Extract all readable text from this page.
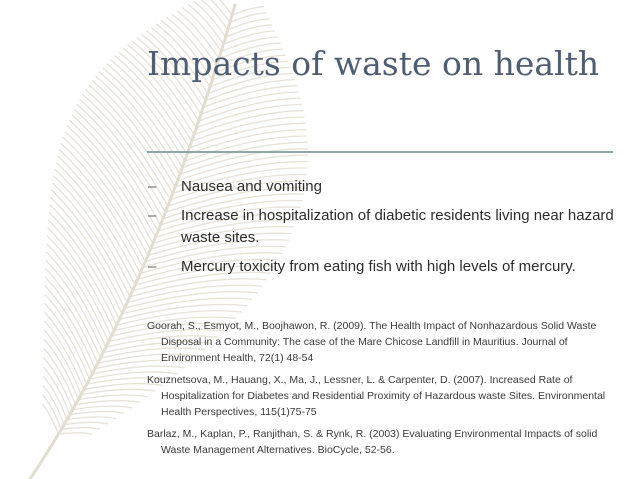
Impacts of waste on health
– Nausea and vomiting
– Increase in hospitalization of diabetic residents living near hazard waste sites.
– Mercury toxicity from eating fish with high levels of mercury.
Goorah, S., Esmyot, M., Boojhawon, R. (2009). The Health Impact of Nonhazardous Solid Waste Disposal in a Community: The case of the Mare Chicose Landfill in Mauritius. Journal of Environment Health, 72(1) 48-54
Kouznetsova, M., Hauang, X., Ma, J., Lessner, L. & Carpenter, D. (2007). Increased Rate of Hospitalization for Diabetes and Residential Proximity of Hazardous waste Sites. Environmental Health Perspectives, 115(1)75-75
Barlaz, M., Kaplan, P., Ranjithan, S. & Rynk, R. (2003) Evaluating Environmental Impacts of solid Waste Management Alternatives. BioCycle, 52-56.
